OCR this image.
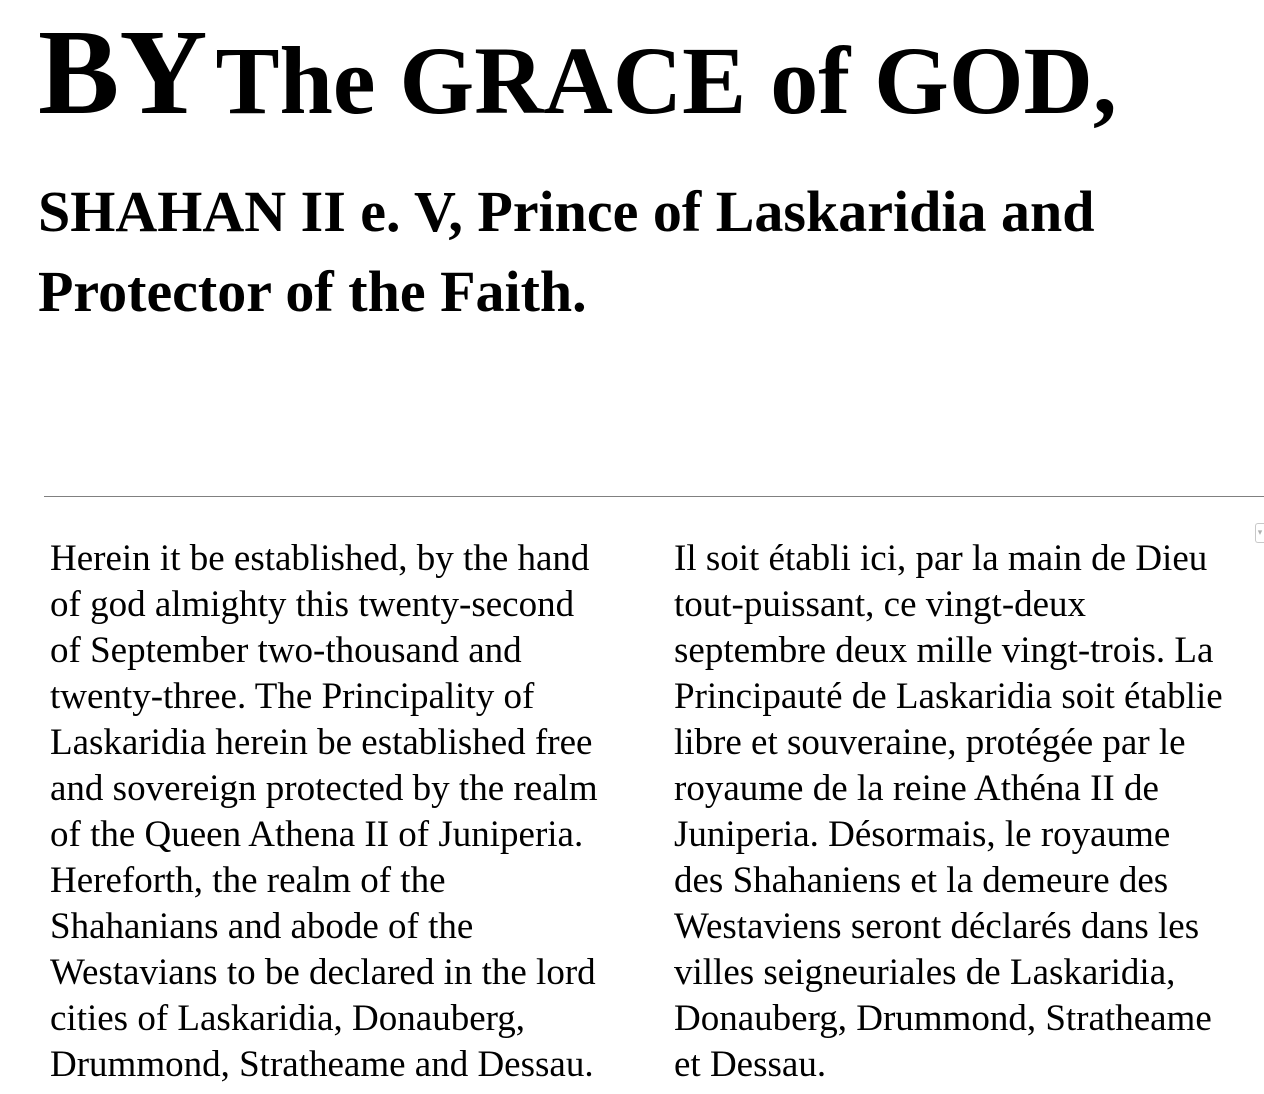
BY The GRACE of GOD,
SHAHAN II e. V, Prince of Laskaridia and
Protector of the Faith.
▾

Herein it be established, by the hand
of god almighty this twenty-second
of September two-thousand and
twenty-three. The Principality of
Laskaridia herein be established free
and sovereign protected by the realm
of the Queen Athena II of Juniperia.
Hereforth, the realm of the
Shahanians and abode of the
Westavians to be declared in the lord
cities of Laskaridia, Donauberg,
Drummond, Stratheame and Dessau.

Il soit établi ici, par la main de Dieu
tout-puissant, ce vingt-deux
septembre deux mille vingt-trois. La
Principauté de Laskaridia soit établie
libre et souveraine, protégée par le
royaume de la reine Athéna II de
Juniperia. Désormais, le royaume
des Shahaniens et la demeure des
Westaviens seront déclarés dans les
villes seigneuriales de Laskaridia,
Donauberg, Drummond, Stratheame
et Dessau.
